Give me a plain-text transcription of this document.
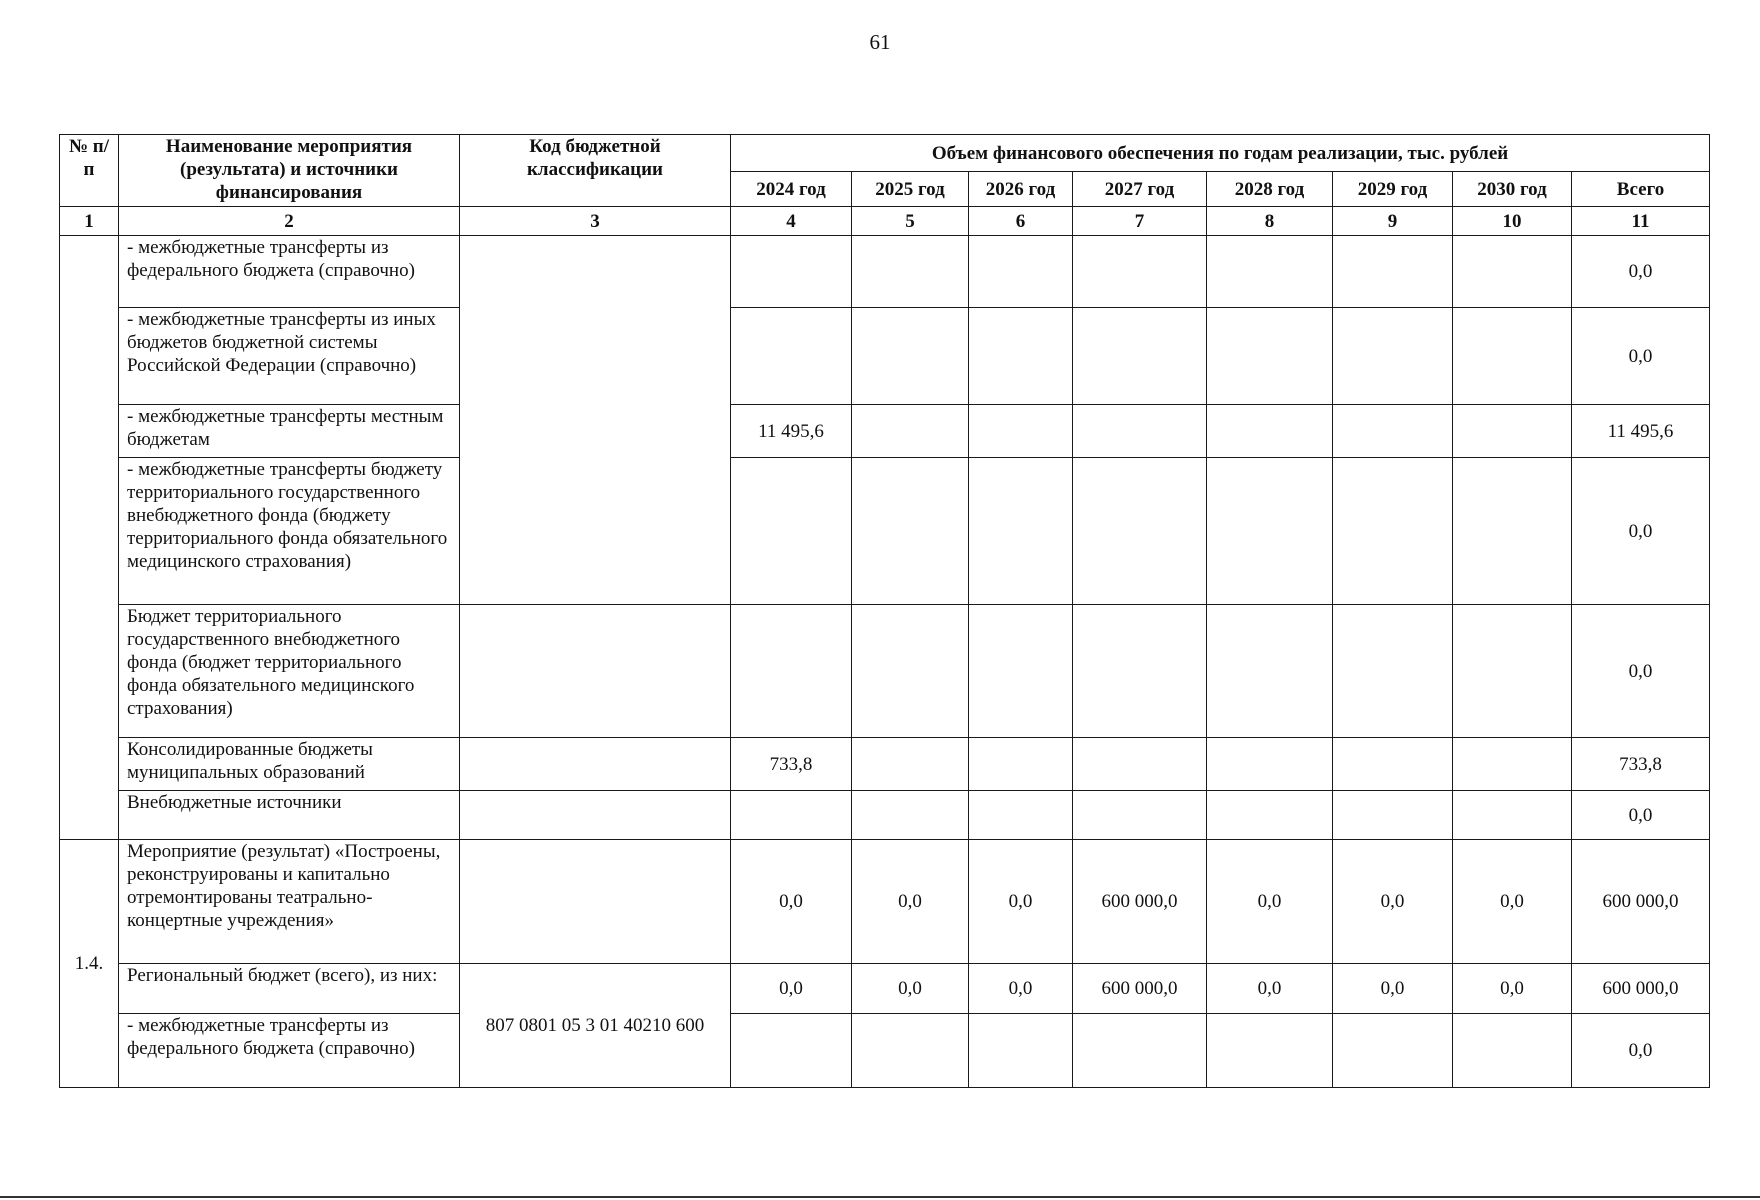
61
№ п/п	Наименование мероприятия (результата) и источники финансирования	Код бюджетной классификации	Объем финансового обеспечения по годам реализации, тыс. рублей							
			2024 год	2025 год	2026 год	2027 год	2028 год	2029 год	2030 год	Всего
1	2	3	4	5	6	7	8	9	10	11
	- межбюджетные трансферты из федерального бюджета (справочно)									0,0
	- межбюджетные трансферты из иных бюджетов бюджетной системы Российской Федерации (справочно)									0,0
	- межбюджетные трансферты местным бюджетам		11 495,6							11 495,6
	- межбюджетные трансферты бюджету территориального государственного внебюджетного фонда (бюджету территориального фонда обязательного медицинского страхования)									0,0
	Бюджет территориального государственного внебюджетного фонда (бюджет территориального фонда обязательного медицинского страхования)									0,0
	Консолидированные бюджеты муниципальных образований		733,8							733,8
	Внебюджетные источники									0,0
1.4.	Мероприятие (результат) «Построены, реконструированы и капитально отремонтированы театрально-концертные учреждения»		0,0	0,0	0,0	600 000,0	0,0	0,0	0,0	600 000,0
	Региональный бюджет (всего), из них:	807 0801 05 3 01 40210 600	0,0	0,0	0,0	600 000,0	0,0	0,0	0,0	600 000,0
	- межбюджетные трансферты из федерального бюджета (справочно)									0,0
